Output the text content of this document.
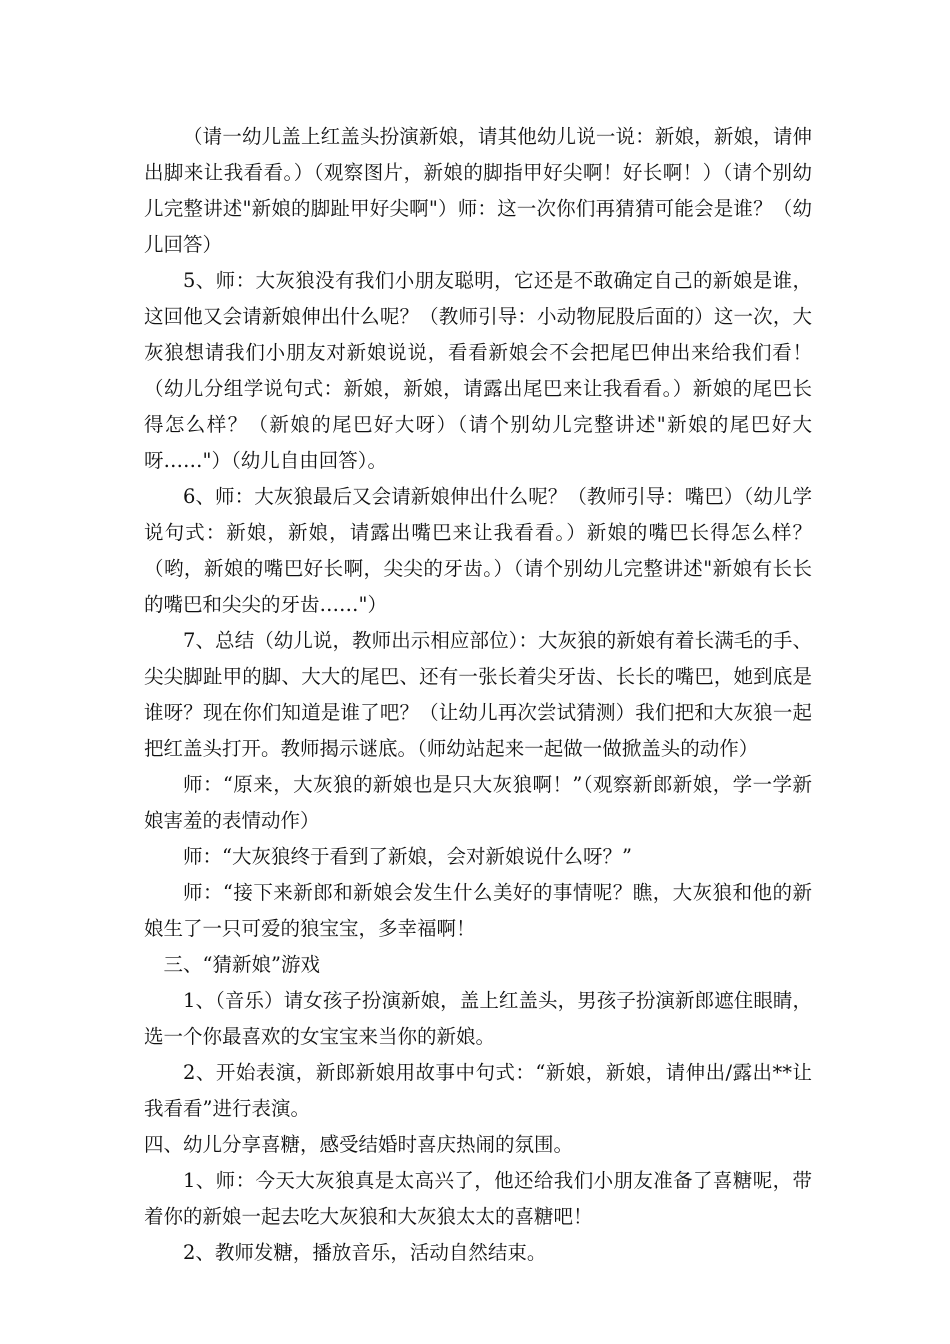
（请一幼儿盖上红盖头扮演新娘，请其他幼儿说一说：新娘，新娘，请伸出脚来让我看看。）（观察图片，新娘的脚指甲好尖啊！好长啊！）（请个别幼儿完整讲述"新娘的脚趾甲好尖啊"）师：这一次你们再猜猜可能会是谁？（幼儿回答）

5、师：大灰狼没有我们小朋友聪明，它还是不敢确定自己的新娘是谁，这回他又会请新娘伸出什么呢？（教师引导：小动物屁股后面的）这一次，大灰狼想请我们小朋友对新娘说说，看看新娘会不会把尾巴伸出来给我们看！（幼儿分组学说句式：新娘，新娘，请露出尾巴来让我看看。）新娘的尾巴长得怎么样？（新娘的尾巴好大呀）（请个别幼儿完整讲述"新娘的尾巴好大呀……"）（幼儿自由回答）。

6、师：大灰狼最后又会请新娘伸出什么呢？（教师引导：嘴巴）（幼儿学说句式：新娘，新娘，请露出嘴巴来让我看看。）新娘的嘴巴长得怎么样？（哟，新娘的嘴巴好长啊，尖尖的牙齿。）（请个别幼儿完整讲述"新娘有长长的嘴巴和尖尖的牙齿……"）

7、总结（幼儿说，教师出示相应部位）：大灰狼的新娘有着长满毛的手、尖尖脚趾甲的脚、大大的尾巴、还有一张长着尖牙齿、长长的嘴巴，她到底是谁呀？现在你们知道是谁了吧？（让幼儿再次尝试猜测）我们把和大灰狼一起把红盖头打开。教师揭示谜底。（师幼站起来一起做一做掀盖头的动作）

师：“原来，大灰狼的新娘也是只大灰狼啊！”（观察新郎新娘，学一学新娘害羞的表情动作）

师：“大灰狼终于看到了新娘，会对新娘说什么呀？”

师：“接下来新郎和新娘会发生什么美好的事情呢？瞧，大灰狼和他的新娘生了一只可爱的狼宝宝，多幸福啊！

三、“猜新娘”游戏

1、（音乐）请女孩子扮演新娘，盖上红盖头，男孩子扮演新郎遮住眼睛，选一个你最喜欢的女宝宝来当你的新娘。

2、开始表演，新郎新娘用故事中句式：“新娘，新娘，请伸出/露出**让我看看”进行表演。

四、幼儿分享喜糖，感受结婚时喜庆热闹的氛围。

1、师：今天大灰狼真是太高兴了，他还给我们小朋友准备了喜糖呢，带着你的新娘一起去吃大灰狼和大灰狼太太的喜糖吧！

2、教师发糖，播放音乐，活动自然结束。
